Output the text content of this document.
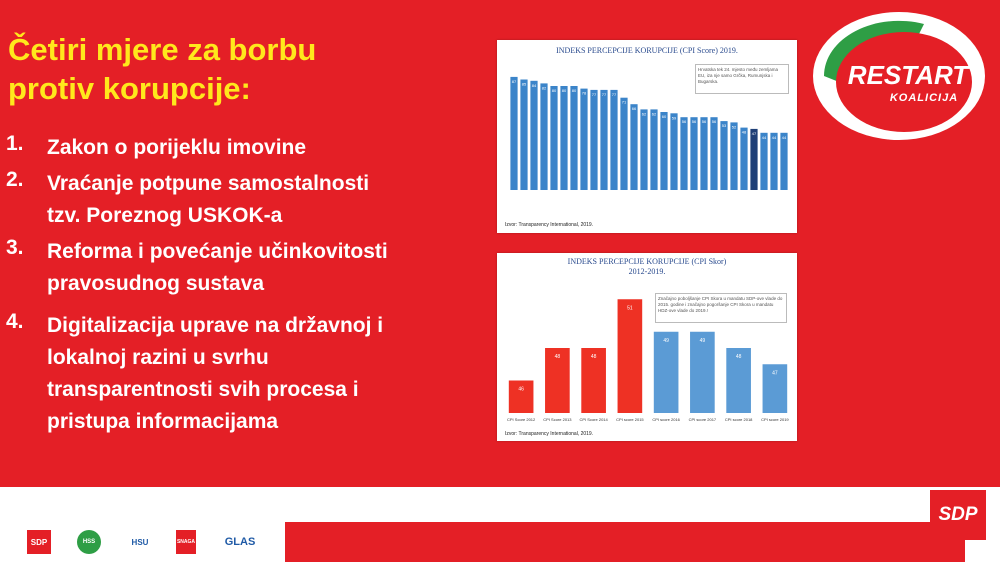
Četiri mjere za borbu
protiv korupcije:
1. Zakon o porijeklu imovine
2. Vraćanje potpune samostalnosti
tzv. Poreznog USKOK-a
3. Reforma i povećanje učinkovitosti
pravosudnog sustava
4. Digitalizacija uprave na državnoj i
lokalnoj razini u svrhu
transparentnosti svih procesa i
pristupa informacijama
INDEKS PERCEPCIJE KORUPCIJE (CPI Score) 2019.
Hrvatska tek 24. mjesto među zemljama EU, iza nje samo Grčka, Rumunjska i Bugarska.
87
85 84
82
80 80 80
78 77 77 77
71
66
62 62
60 59
56 56 56 56
53 52
48 47
44 44 44
Izvor: Transparency International, 2019.
INDEKS PERCEPCIJE KORUPCIJE (CPI Skor)
2012-2019.
Značajno poboljšanje CPI Skora u mandatu SDP-ove vlade do 2015. godine i značajno pogoršanje CPI Skora u mandatu HDZ-ove vlade do 2019.!
46
CPI Score 2012
48
CPI Score 2013
48
CPI Score 2014
51
CPI score 2015
49
CPI score 2016
49
CPI score 2017
48
CPI score 2018
47
CPI score 2019
Izvor: Transparency International, 2019.
RESTART
KOALICIJA
SDP
SDP	HSS	HSU	SNAGA	GLAS
